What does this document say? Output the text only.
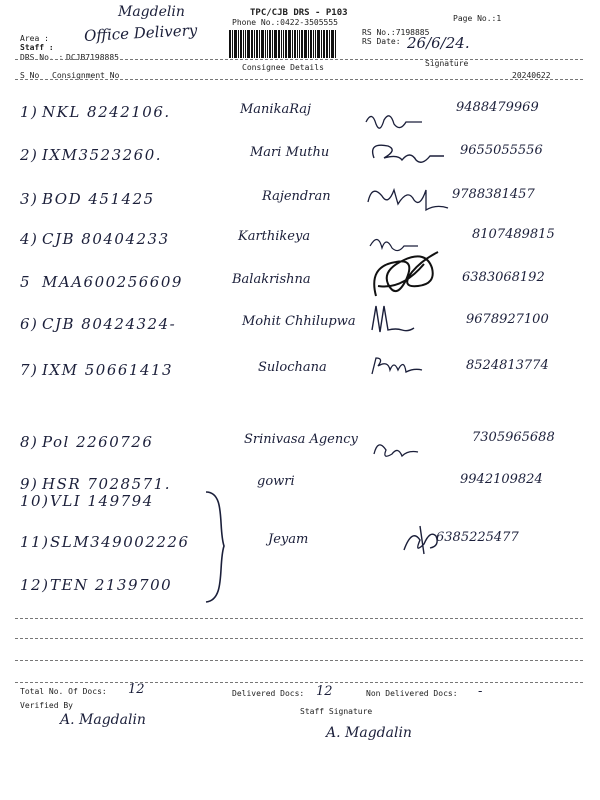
Area :
Staff :
DRS No. : DCJB7198885
Magdelin
Office Delivery
TPC/CJB DRS - P103
Phone No.:0422-3505555	Page No.:1
RS No.:7198885
RS Date: 26/6/24.
Consignee Details	Signature
S No Consignment No	20240622
1) NKL 8242106.	ManikaRaj	9488479969
2) IXM3523260.	Mari Muthu	9655055556
3) BOD 451425	Rajendran	9788381457
4) CJB 80404233	Karthikeya	8107489815
5 MAA600256609	Balakrishna	6383068192
6) CJB 80424324-	Mohit Chhilupwa	9678927100
7) IXM 50661413	Sulochana	8524813774
8) Pol 2260726	Srinivasa Agency	7305965688
9) HSR 7028571.	gowri	9942109824
10) VLI 149794
11) SLM349002226	Jeyam	6385225477
12) TEN 2139700
Total No. Of Docs: 12	Delivered Docs: 12	Non Delivered Docs: -
Verified By
Staff Signature
A. Magdalin
A. Magdalin
